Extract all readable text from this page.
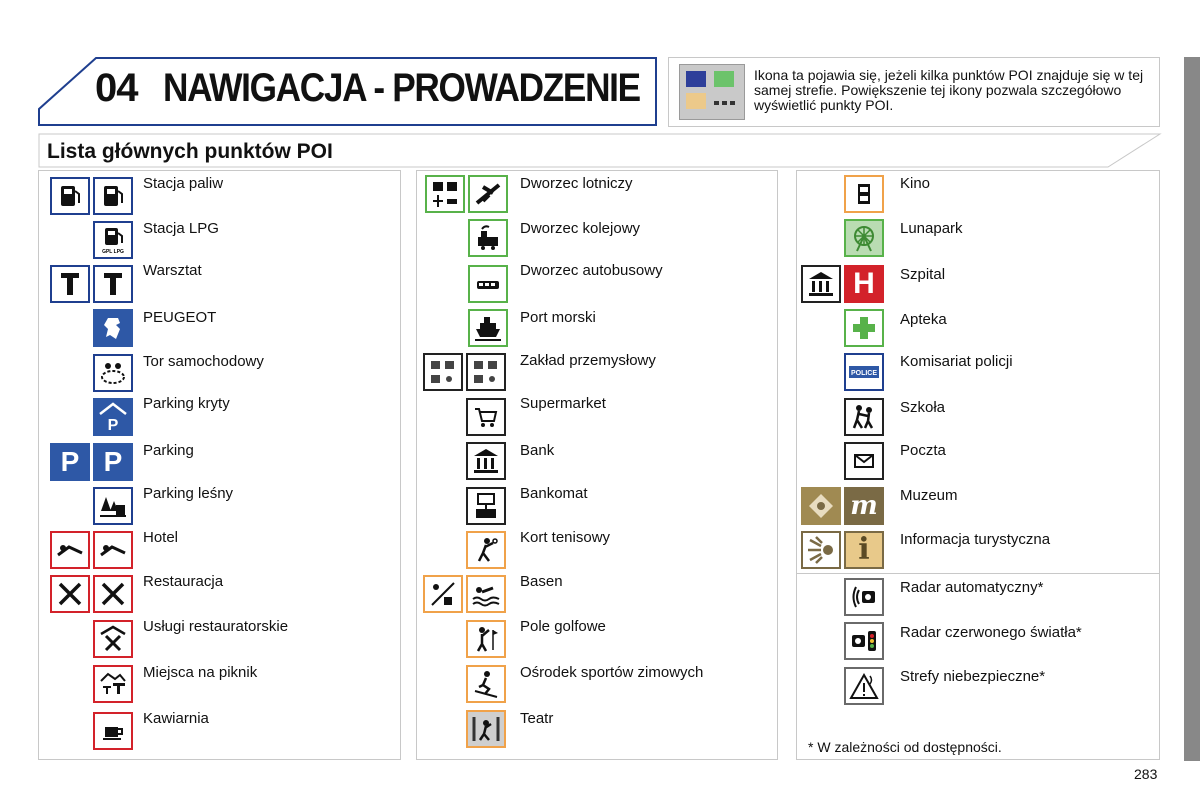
04 NAWIGACJA - PROWADZENIE	Ikona ta pojawia się, jeżeli kilka punktów POI znajduje się w tej samej strefie. Powiększenie tej ikony pozwala szczegółowo wyświetlić punkty POI.
Lista głównych punktów POI
Stacja paliw
GPL LPG
Stacja LPG
Warsztat
PEUGEOT
Tor samochodowy
P
Parking kryty
P P Parking
Parking leśny
Hotel
Restauracja
Usługi restauratorskie
Miejsca na piknik
Kawiarnia
Dworzec lotniczy
Dworzec kolejowy
Dworzec autobusowy
Port morski
Zakład przemysłowy
Supermarket
Bank
Bankomat
Kort tenisowy
Basen
Pole golfowe
Ośrodek sportów zimowych
Teatr
Kino
Lunapark
H Szpital
Apteka
POLICE
Komisariat policji
Szkoła
Poczta
m Muzeum
i Informacja turystyczna
Radar automatyczny*
Radar czerwonego światła*
Strefy niebezpieczne*
* W zależności od dostępności.
283
